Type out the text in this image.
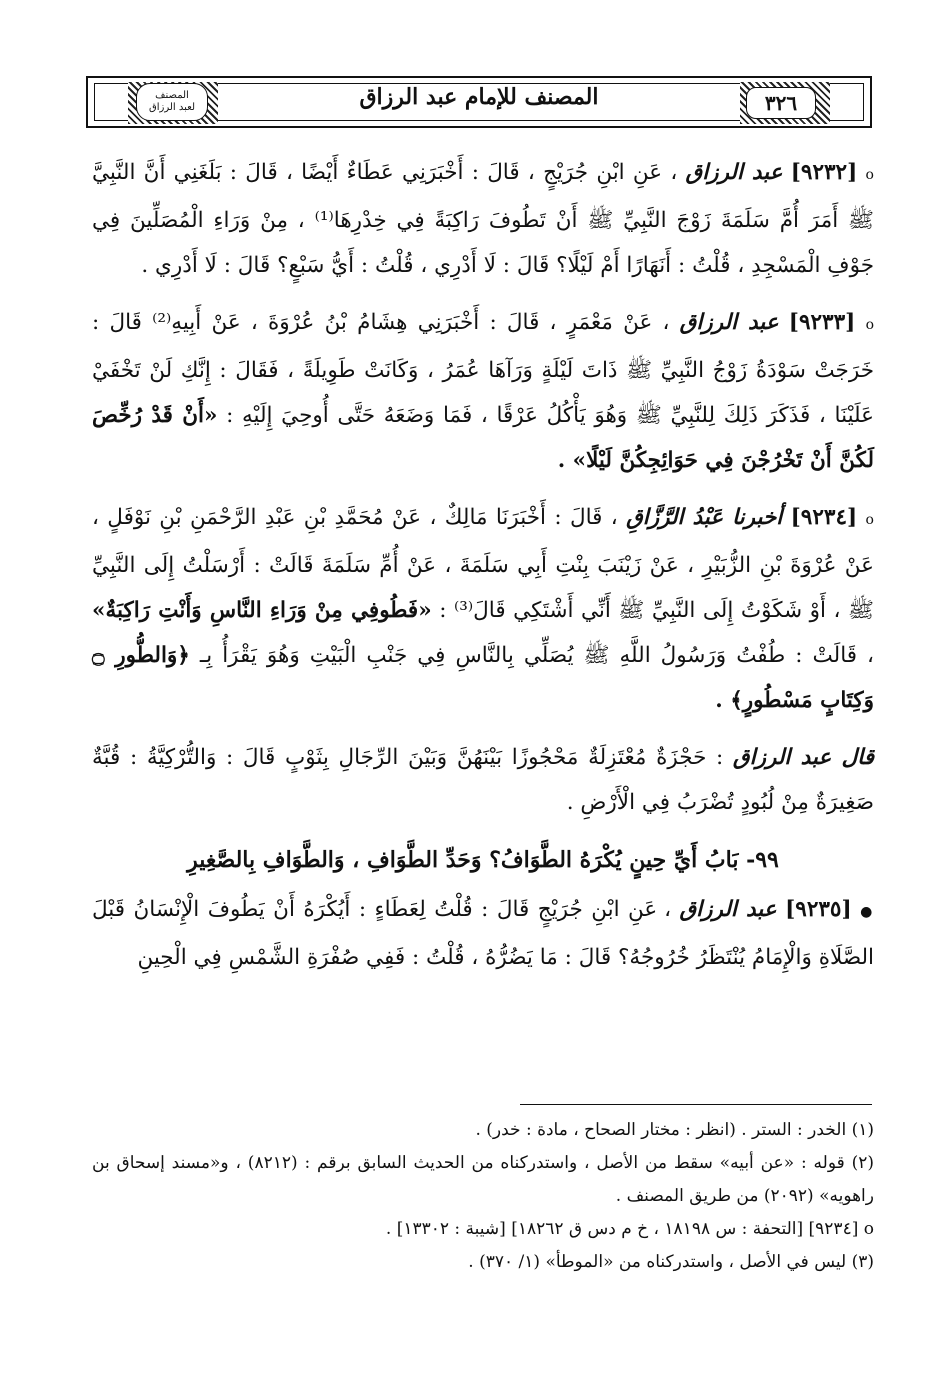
٣٢٦
المصنف للإمام عبد الرزاق
المصنف
لعبد الرزاق

ο [٩٢٣٢] عبد الرزاق ، عَنِ ابْنِ جُرَيْجٍ ، قَالَ : أَخْبَرَنِي عَطَاءٌ أَيْضًا ، قَالَ : بَلَغَنِي أَنَّ النَّبِيَّ ﷺ أَمَرَ أُمَّ سَلَمَةَ زَوْجَ النَّبِيِّ ﷺ أَنْ تَطُوفَ رَاكِبَةً فِي خِدْرِهَا⁽¹⁾ ، مِنْ وَرَاءِ الْمُصَلِّينَ فِي جَوْفِ الْمَسْجِدِ ، قُلْتُ : أَنَهَارًا أَمْ لَيْلًا؟ قَالَ : لَا أَدْرِي ، قُلْتُ : أَيُّ سَبْعٍ؟ قَالَ : لَا أَدْرِي .

ο [٩٢٣٣] عبد الرزاق ، عَنْ مَعْمَرٍ ، قَالَ : أَخْبَرَنِي هِشَامُ بْنُ عُرْوَةَ ، عَنْ أَبِيهِ⁽²⁾ قَالَ : خَرَجَتْ سَوْدَةُ زَوْجُ النَّبِيِّ ﷺ ذَاتَ لَيْلَةٍ وَرَآهَا عُمَرُ ، وَكَانَتْ طَوِيلَةً ، فَقَالَ : إِنَّكِ لَنْ تَخْفَيْ عَلَيْنَا ، فَذَكَرَ ذَلِكَ لِلنَّبِيِّ ﷺ وَهُوَ يَأْكُلُ عَرْقًا ، فَمَا وَضَعَهُ حَتَّى أُوحِيَ إِلَيْهِ : «أَنْ قَدْ رُخِّصَ لَكُنَّ أَنْ تَخْرُجْنَ فِي حَوَائِجِكُنَّ لَيْلًا» .

ο [٩٢٣٤] أخبرنا عَبْدُ الرَّزَّاقِ ، قَالَ : أَخْبَرَنَا مَالِكٌ ، عَنْ مُحَمَّدِ بْنِ عَبْدِ الرَّحْمَنِ بْنِ نَوْفَلٍ ، عَنْ عُرْوَةَ بْنِ الزُّبَيْرِ ، عَنْ زَيْنَبَ بِنْتِ أَبِي سَلَمَةَ ، عَنْ أُمِّ سَلَمَةَ قَالَتْ : أَرْسَلْتُ إِلَى النَّبِيِّ ﷺ ، أَوْ شَكَوْتُ إِلَى النَّبِيِّ ﷺ أَنِّي أَشْتَكِي قَالَ⁽³⁾ : «فَطُوفِي مِنْ وَرَاءِ النَّاسِ وَأَنْتِ رَاكِبَةٌ» ، قَالَتْ : طُفْتُ وَرَسُولُ اللَّهِ ﷺ يُصَلِّي بِالنَّاسِ فِي جَنْبِ الْبَيْتِ وَهُوَ يَقْرَأُ بِـ ﴿وَالطُّورِ ۝ وَكِتَابٍ مَسْطُورٍ﴾ .

قال عبد الرزاق : حَجْزَةٌ مُعْتَزِلَةٌ مَحْجُوزًا بَيْنَهُنَّ وَبَيْنَ الرِّجَالِ بِثَوْبٍ قَالَ : وَالتُّرْكِيَّةُ : قُبَّةٌ صَغِيرَةٌ مِنْ لُبُودٍ تُضْرَبُ فِي الْأَرْضِ .

٩٩- بَابُ أَيِّ حِينٍ يُكْرَهُ الطَّوَافُ؟ وَحَدِّ الطَّوَافِ ، وَالطَّوَافِ بِالصَّغِيرِ

● [٩٢٣٥] عبد الرزاق ، عَنِ ابْنِ جُرَيْجٍ قَالَ : قُلْتُ لِعَطَاءٍ : أَيُكْرَهُ أَنْ يَطُوفَ الْإِنْسَانُ قَبْلَ الصَّلَاةِ وَالْإِمَامُ يُنْتَظَرُ خُرُوجُهُ؟ قَالَ : مَا يَضُرُّهُ ، قُلْتُ : فَفِي صُفْرَةِ الشَّمْسِ فِي الْحِينِ

(١) الخدر : الستر . (انظر : مختار الصحاح ، مادة : خدر) .

(٢) قوله : «عن أبيه» سقط من الأصل ، واستدركناه من الحديث السابق برقم : (٨٢١٢) ، و«مسند إسحاق بن راهويه» (٢٠٩٢) من طريق المصنف .

ο [٩٢٣٤] [التحفة : س ١٨١٩٨ ، خ م دس ق ١٨٢٦٢] [شيبة : ١٣٣٠٢] .

(٣) ليس في الأصل ، واستدركناه من «الموطأ» (١/ ٣٧٠) .
